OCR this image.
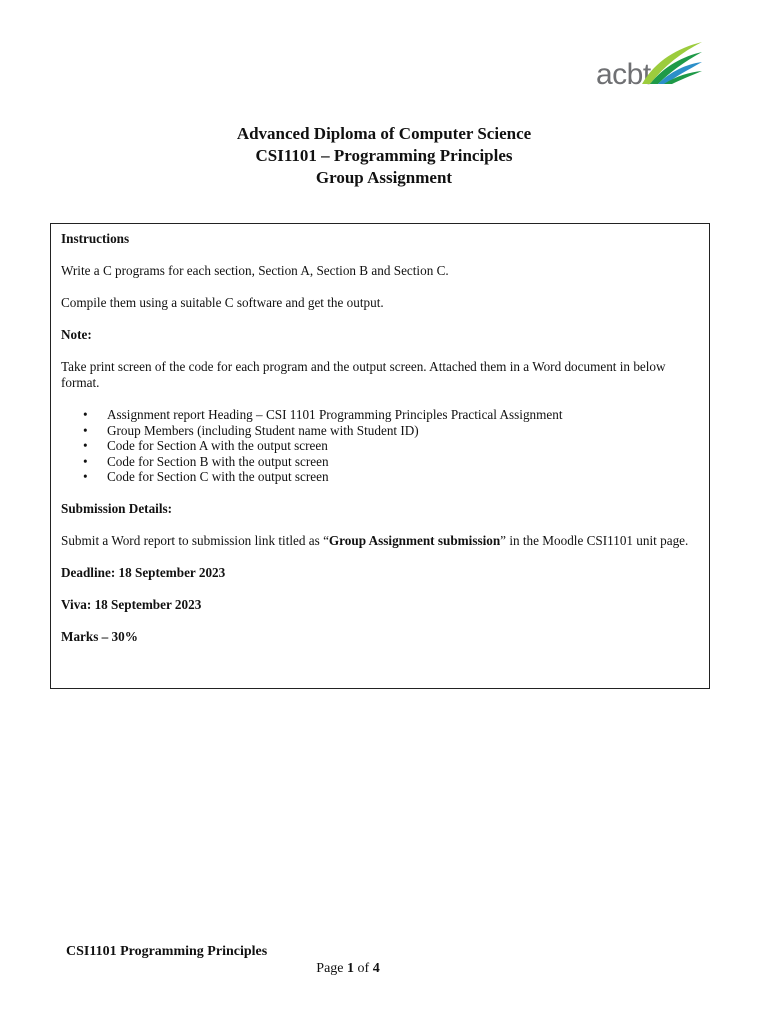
acbt
Advanced Diploma of Computer Science
CSI1101 – Programming Principles
Group Assignment

Instructions

Write a C programs for each section, Section A, Section B and Section C.

Compile them using a suitable C software and get the output.

Note:

Take print screen of the code for each program and the output screen. Attached them in a Word document in below format.

• Assignment report Heading – CSI 1101 Programming Principles Practical Assignment
• Group Members (including Student name with Student ID)
• Code for Section A with the output screen
• Code for Section B with the output screen
• Code for Section C with the output screen

Submission Details:

Submit a Word report to submission link titled as “Group Assignment submission” in the Moodle CSI1101 unit page.

Deadline: 18 September 2023

Viva: 18 September 2023

Marks – 30%

CSI1101 Programming Principles
Page 1 of 4
